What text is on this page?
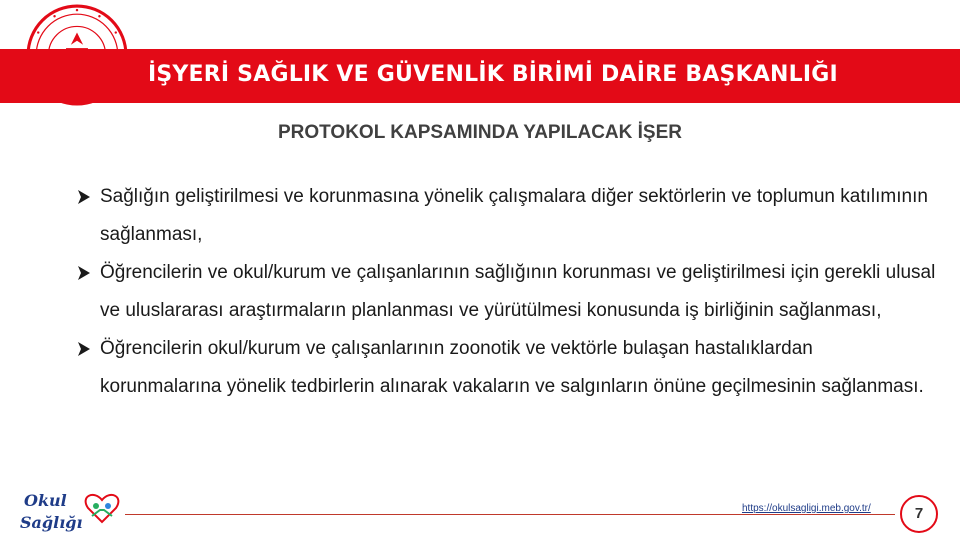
İŞYERİ SAĞLIK VE GÜVENLİK BİRİMİ DAİRE BAŞKANLIĞI
PROTOKOL KAPSAMINDA YAPILACAK İŞER
Sağlığın geliştirilmesi ve korunmasına yönelik çalışmalara diğer sektörlerin ve toplumun katılımının sağlanması,
Öğrencilerin ve okul/kurum ve çalışanlarının sağlığının korunması ve geliştirilmesi için gerekli ulusal ve uluslararası araştırmaların planlanması ve yürütülmesi konusunda iş birliğinin sağlanması,
Öğrencilerin okul/kurum ve çalışanlarının zoonotik ve vektörle bulaşan hastalıklardan korunmalarına yönelik tedbirlerin alınarak vakaların ve salgınların önüne geçilmesinin sağlanması.
Okul
Sağlığı
https://okulsagligi.meb.gov.tr/	7
